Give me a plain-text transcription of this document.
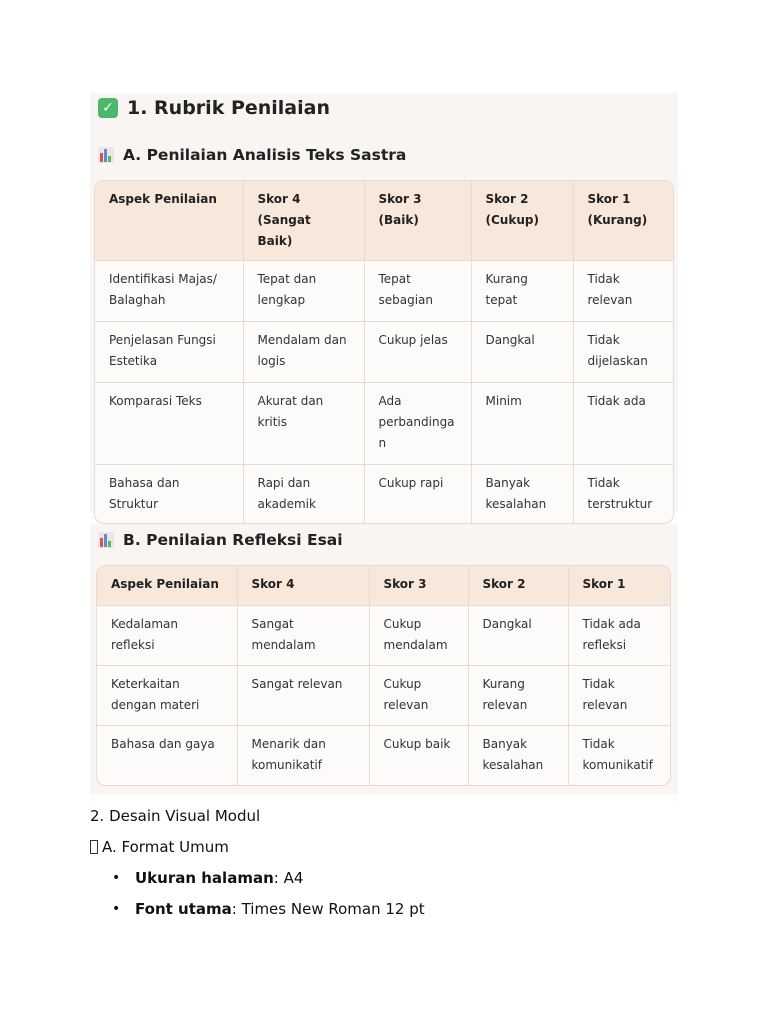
✓ 1. Rubrik Penilaian
A. Penilaian Analisis Teks Sastra
Aspek Penilaian	Skor 4 (Sangat Baik)	Skor 3 (Baik)	Skor 2 (Cukup)	Skor 1 (Kurang)
Identifikasi Majas/ Balaghah	Tepat dan lengkap	Tepat sebagian	Kurang tepat	Tidak relevan
Penjelasan Fungsi Estetika	Mendalam dan logis	Cukup jelas	Dangkal	Tidak dijelaskan
Komparasi Teks	Akurat dan kritis	Ada perbandinga n	Minim	Tidak ada
Bahasa dan Struktur	Rapi dan akademik	Cukup rapi	Banyak kesalahan	Tidak terstruktur
B. Penilaian Refleksi Esai
Aspek Penilaian	Skor 4	Skor 3	Skor 2	Skor 1
Kedalaman refleksi	Sangat mendalam	Cukup mendalam	Dangkal	Tidak ada refleksi
Keterkaitan dengan materi	Sangat relevan	Cukup relevan	Kurang relevan	Tidak relevan
Bahasa dan gaya	Menarik dan komunikatif	Cukup baik	Banyak kesalahan	Tidak komunikatif
2. Desain Visual Modul
A. Format Umum
• Ukuran halaman: A4
• Font utama: Times New Roman 12 pt
